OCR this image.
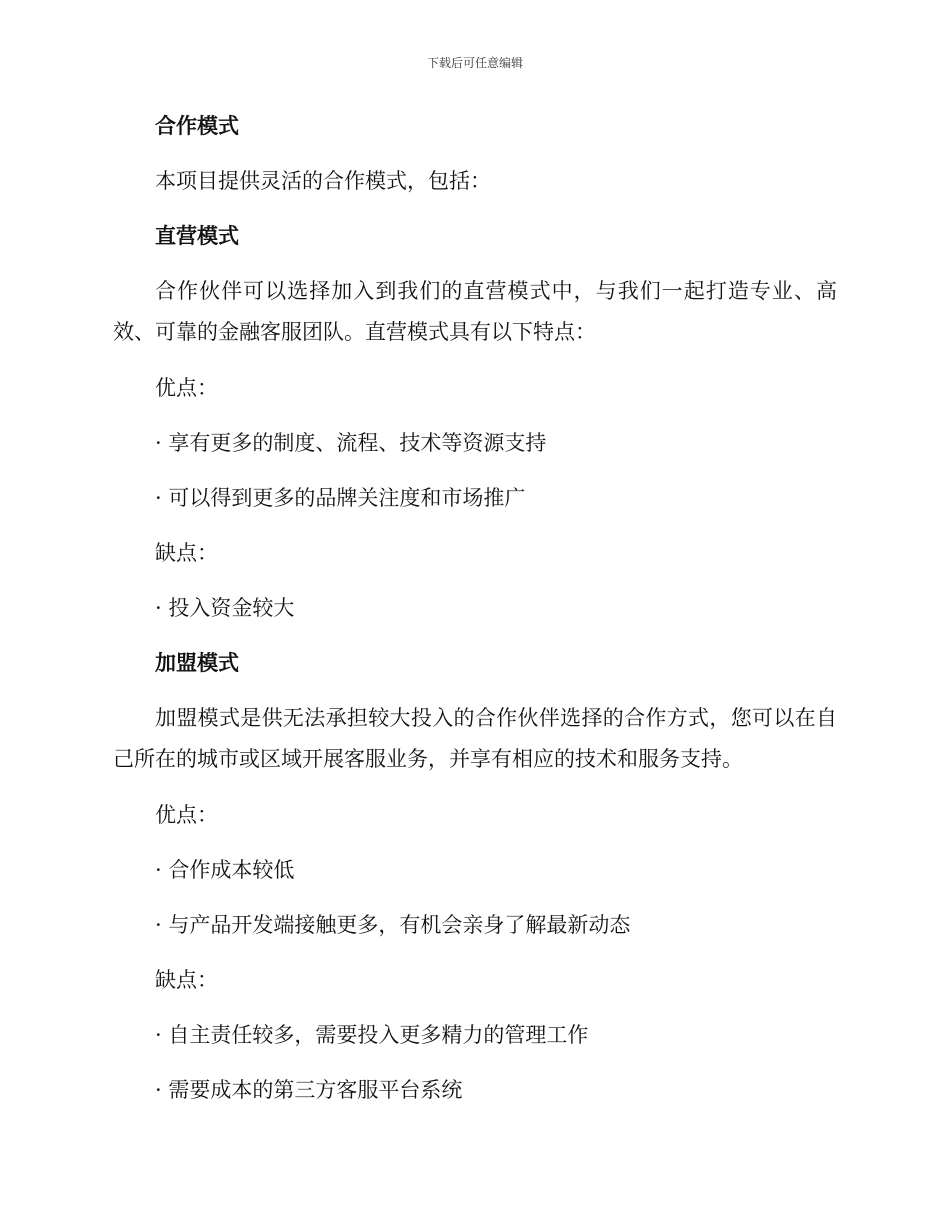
下载后可任意编辑
合作模式

本项目提供灵活的合作模式，包括：

直营模式

合作伙伴可以选择加入到我们的直营模式中，与我们一起打造专业、高效、可靠的金融客服团队。直营模式具有以下特点：

优点：

· 享有更多的制度、流程、技术等资源支持

· 可以得到更多的品牌关注度和市场推广

缺点：

· 投入资金较大

加盟模式

加盟模式是供无法承担较大投入的合作伙伴选择的合作方式，您可以在自己所在的城市或区域开展客服业务，并享有相应的技术和服务支持。

优点：

· 合作成本较低

· 与产品开发端接触更多，有机会亲身了解最新动态

缺点：

· 自主责任较多，需要投入更多精力的管理工作

· 需要成本的第三方客服平台系统
